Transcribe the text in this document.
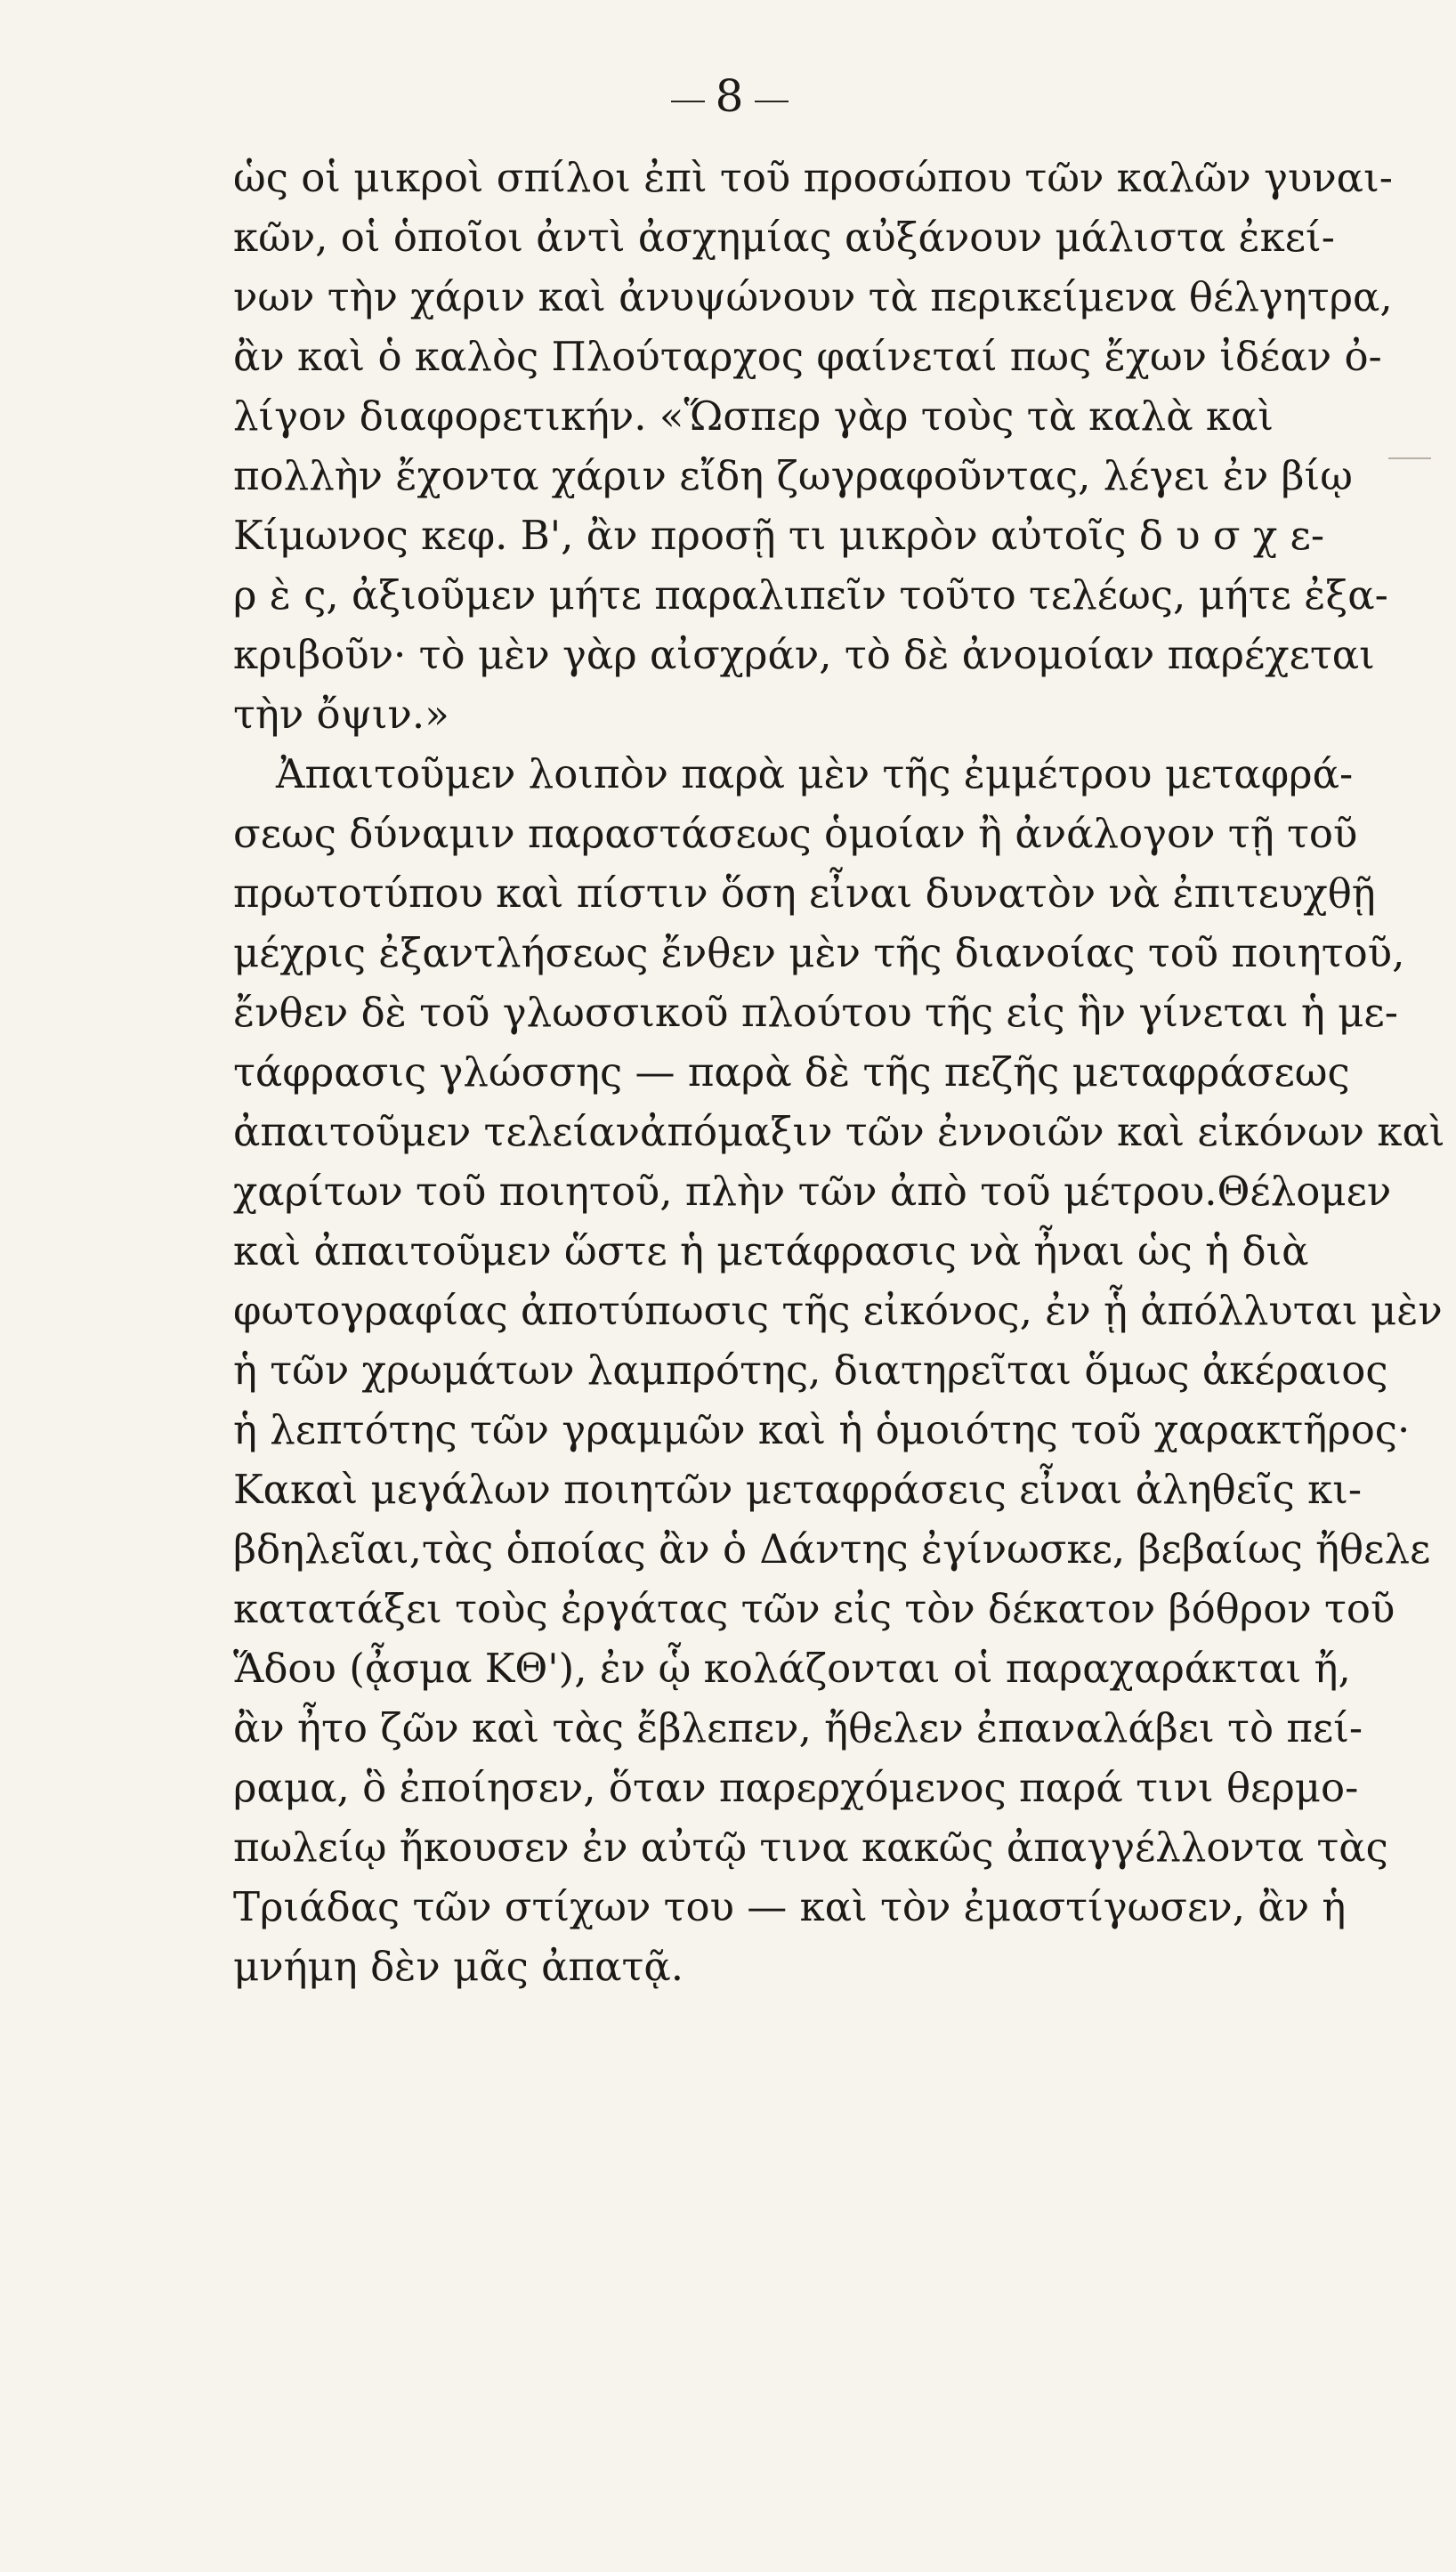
8
ὡς οἱ μικροὶ σπίλοι ἐπὶ τοῦ προσώπου τῶν καλῶν γυναι-
κῶν, οἱ ὁποῖοι ἀντὶ ἀσχημίας αὐξάνουν μάλιστα ἐκεί-
νων τὴν χάριν καὶ ἀνυψώνουν τὰ περικείμενα θέλγητρα,
ἂν καὶ ὁ καλὸς Πλούταρχος φαίνεταί πως ἔχων ἰδέαν ὀ-
λίγον διαφορετικήν. «Ὥσπερ γὰρ τοὺς τὰ καλὰ καὶ
πολλὴν ἔχοντα χάριν εἴδη ζωγραφοῦντας, λέγει ἐν βίῳ
Κίμωνος κεφ. Β', ἂν προσῇ τι μικρὸν αὐτοῖς δ υ σ χ ε-
ρ ὲ ς, ἀξιοῦμεν μήτε παραλιπεῖν τοῦτο τελέως, μήτε ἐξα-
κριβοῦν· τὸ μὲν γὰρ αἰσχράν, τὸ δὲ ἀνομοίαν παρέχεται
τὴν ὄψιν.»
Ἀπαιτοῦμεν λοιπὸν παρὰ μὲν τῆς ἐμμέτρου μεταφρά-
σεως δύναμιν παραστάσεως ὁμοίαν ἢ ἀνάλογον τῇ τοῦ
πρωτοτύπου καὶ πίστιν ὅση εἶναι δυνατὸν νὰ ἐπιτευχθῇ
μέχρις ἐξαντλήσεως ἔνθεν μὲν τῆς διανοίας τοῦ ποιητοῦ,
ἔνθεν δὲ τοῦ γλωσσικοῦ πλούτου τῆς εἰς ἣν γίνεται ἡ με-
τάφρασις γλώσσης — παρὰ δὲ τῆς πεζῆς μεταφράσεως
ἀπαιτοῦμεν τελείανἀπόμαξιν τῶν ἐννοιῶν καὶ εἰκόνων καὶ
χαρίτων τοῦ ποιητοῦ, πλὴν τῶν ἀπὸ τοῦ μέτρου.Θέλομεν
καὶ ἀπαιτοῦμεν ὥστε ἡ μετάφρασις νὰ ἦναι ὡς ἡ διὰ
φωτογραφίας ἀποτύπωσις τῆς εἰκόνος, ἐν ᾗ ἀπόλλυται μὲν
ἡ τῶν χρωμάτων λαμπρότης, διατηρεῖται ὅμως ἀκέραιος
ἡ λεπτότης τῶν γραμμῶν καὶ ἡ ὁμοιότης τοῦ χαρακτῆρος·
Κακαὶ μεγάλων ποιητῶν μεταφράσεις εἶναι ἀληθεῖς κι-
βδηλεῖαι,τὰς ὁποίας ἂν ὁ Δάντης ἐγίνωσκε, βεβαίως ἤθελε
κατατάξει τοὺς ἐργάτας τῶν εἰς τὸν δέκατον βόθρον τοῦ
Ἅδου (ᾆσμα ΚΘ'), ἐν ᾧ κολάζονται οἱ παραχαράκται ἤ,
ἂν ἦτο ζῶν καὶ τὰς ἔβλεπεν, ἤθελεν ἐπαναλάβει τὸ πεί-
ραμα, ὃ ἐποίησεν, ὅταν παρερχόμενος παρά τινι θερμο-
πωλείῳ ἤκουσεν ἐν αὐτῷ τινα κακῶς ἀπαγγέλλοντα τὰς
Τριάδας τῶν στίχων του — καὶ τὸν ἐμαστίγωσεν, ἂν ἡ
μνήμη δὲν μᾶς ἀπατᾷ.
